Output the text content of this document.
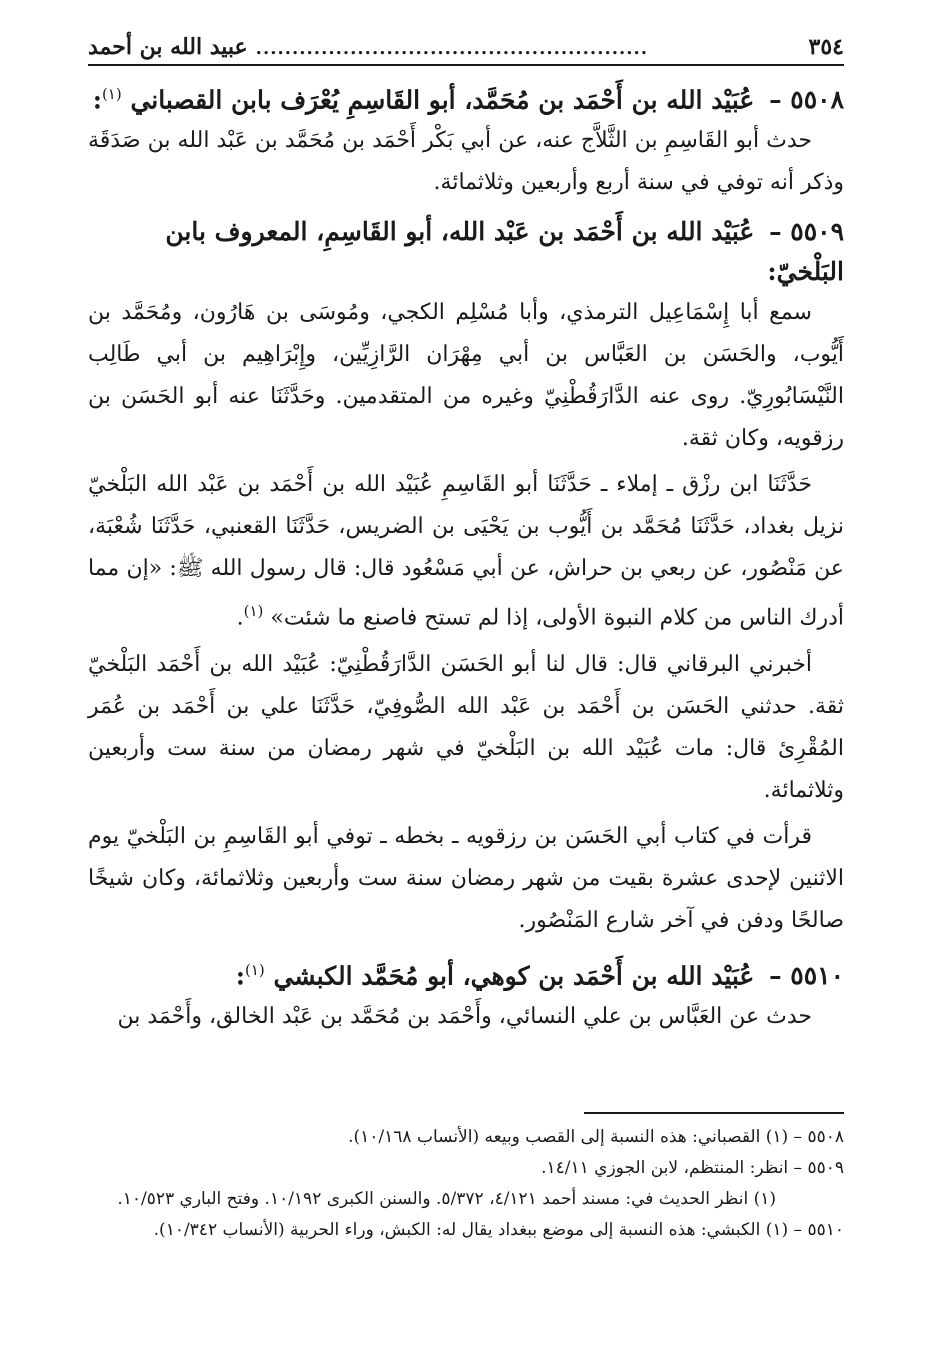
٣٥٤
......................................................
عبيد الله بن أحمد
٥٥٠٨ – عُبَيْد الله بن أَحْمَد بن مُحَمَّد، أبو القَاسِمِ يُعْرَف بابن القصباني $^{(١)}$:

حدث أبو القَاسِمِ بن الثَّلاَّج عنه، عن أبي بَكْر أَحْمَد بن مُحَمَّد بن عَبْد الله بن صَدَقَة وذكر أنه توفي في سنة أربع وأربعين وثلاثمائة.

٥٥٠٩ – عُبَيْد الله بن أَحْمَد بن عَبْد الله، أبو القَاسِمِ، المعروف بابن البَلْخيّ:

سمع أبا إِسْمَاعِيل الترمذي، وأبا مُسْلِم الكجي، ومُوسَى بن هَارُون، ومُحَمَّد بن أَيُّوب، والحَسَن بن العَبَّاس بن أبي مِهْرَان الرَّازِيِّين، وإِبْرَاهِيم بن أبي طَالِب النَّيْسَابُورِيّ. روى عنه الدَّارَقُطْنِيّ وغيره من المتقدمين. وحَدَّثَنَا عنه أبو الحَسَن بن رزقويه، وكان ثقة.

حَدَّثَنَا ابن رزْق ـ إملاء ـ حَدَّثَنَا أبو القَاسِمِ عُبَيْد الله بن أَحْمَد بن عَبْد الله البَلْخيّ نزيل بغداد، حَدَّثَنَا مُحَمَّد بن أَيُّوب بن يَحْيَى بن الضريس، حَدَّثَنَا القعنبي، حَدَّثَنَا شُعْبَة، عن مَنْصُور، عن ربعي بن حراش، عن أبي مَسْعُود قال: قال رسول الله ﷺ: «إن مما أدرك الناس من كلام النبوة الأولى، إذا لم تستح فاصنع ما شئت» $^{(١)}$.

أخبرني البرقاني قال: قال لنا أبو الحَسَن الدَّارَقُطْنِيّ: عُبَيْد الله بن أَحْمَد البَلْخيّ ثقة. حدثني الحَسَن بن أَحْمَد بن عَبْد الله الصُّوفِيّ، حَدَّثَنَا علي بن أَحْمَد بن عُمَر المُقْرِئ قال: مات عُبَيْد الله بن البَلْخيّ في شهر رمضان من سنة ست وأربعين وثلاثمائة.

قرأت في كتاب أبي الحَسَن بن رزقويه ـ بخطه ـ توفي أبو القَاسِمِ بن البَلْخيّ يوم الاثنين لإحدى عشرة بقيت من شهر رمضان سنة ست وأربعين وثلاثمائة، وكان شيخًا صالحًا ودفن في آخر شارع المَنْصُور.

٥٥١٠ – عُبَيْد الله بن أَحْمَد بن كوهي، أبو مُحَمَّد الكبشي $^{(١)}$:

حدث عن العَبَّاس بن علي النسائي، وأَحْمَد بن مُحَمَّد بن عَبْد الخالق، وأَحْمَد بن

٥٥٠٨ – (١) القصباني: هذه النسبة إلى القصب وبيعه (الأنساب ١٠/١٦٨).

٥٥٠٩ – انظر: المنتظم، لابن الجوزي ١٤/١١.

(١) انظر الحديث في: مسند أحمد ٤/١٢١، ٥/٣٧٢. والسنن الكبرى ١٠/١٩٢. وفتح الباري ١٠/٥٢٣.

٥٥١٠ – (١) الكبشي: هذه النسبة إلى موضع ببغداد يقال له: الكبش، وراء الحربية (الأنساب ١٠/٣٤٢).
